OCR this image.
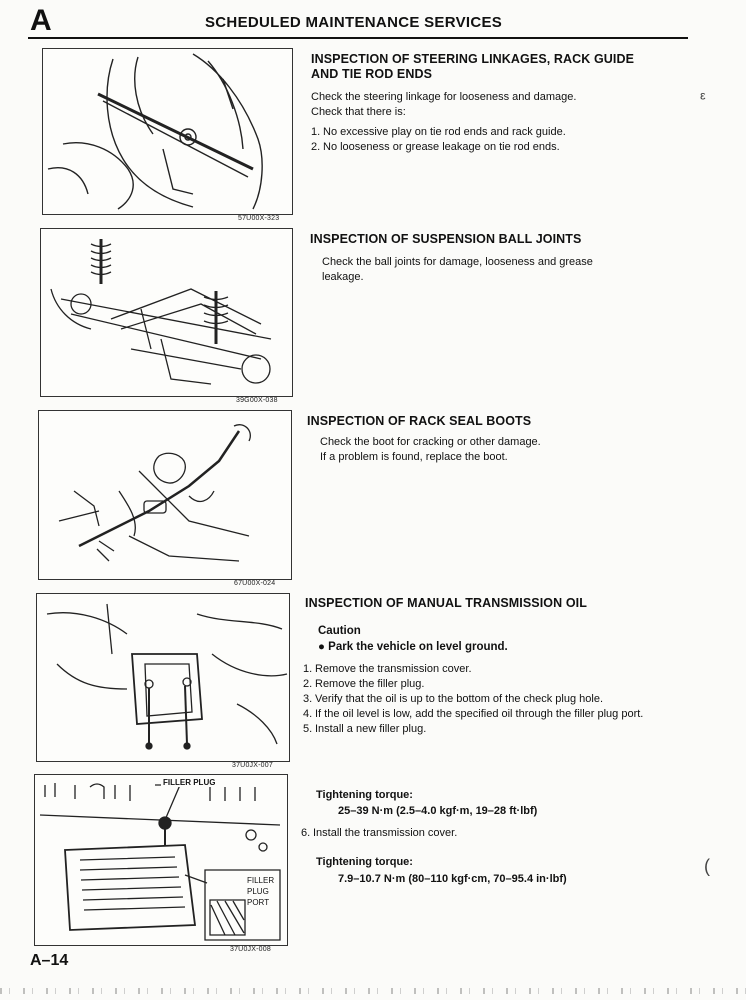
A	SCHEDULED MAINTENANCE SERVICES
57U00X-323
39G00X-038
67U00X-024
37U0JX-007
FILLER PLUG
FILLER
PLUG
PORT
37U0JX-008
INSPECTION OF STEERING LINKAGES, RACK GUIDE
AND TIE ROD ENDS

Check the steering linkage for looseness and damage.

Check that there is:

1. No excessive play on tie rod ends and rack guide.
2. No looseness or grease leakage on tie rod ends.
INSPECTION OF SUSPENSION BALL JOINTS

Check the ball joints for damage, looseness and grease

leakage.

INSPECTION OF RACK SEAL BOOTS

Check the boot for cracking or other damage.

If a problem is found, replace the boot.

INSPECTION OF MANUAL TRANSMISSION OIL
Caution
● Park the vehicle on level ground.
1. Remove the transmission cover.
2. Remove the filler plug.
3. Verify that the oil is up to the bottom of the check plug hole.
4. If the oil level is low, add the specified oil through the filler plug port.
5. Install a new filler plug.
Tightening torque:
25–39 N·m (2.5–4.0 kgf·m, 19–28 ft·lbf)
6. Install the transmission cover.
Tightening torque:
7.9–10.7 N·m (80–110 kgf·cm, 70–95.4 in·lbf)
A–14
ᵋ
(
